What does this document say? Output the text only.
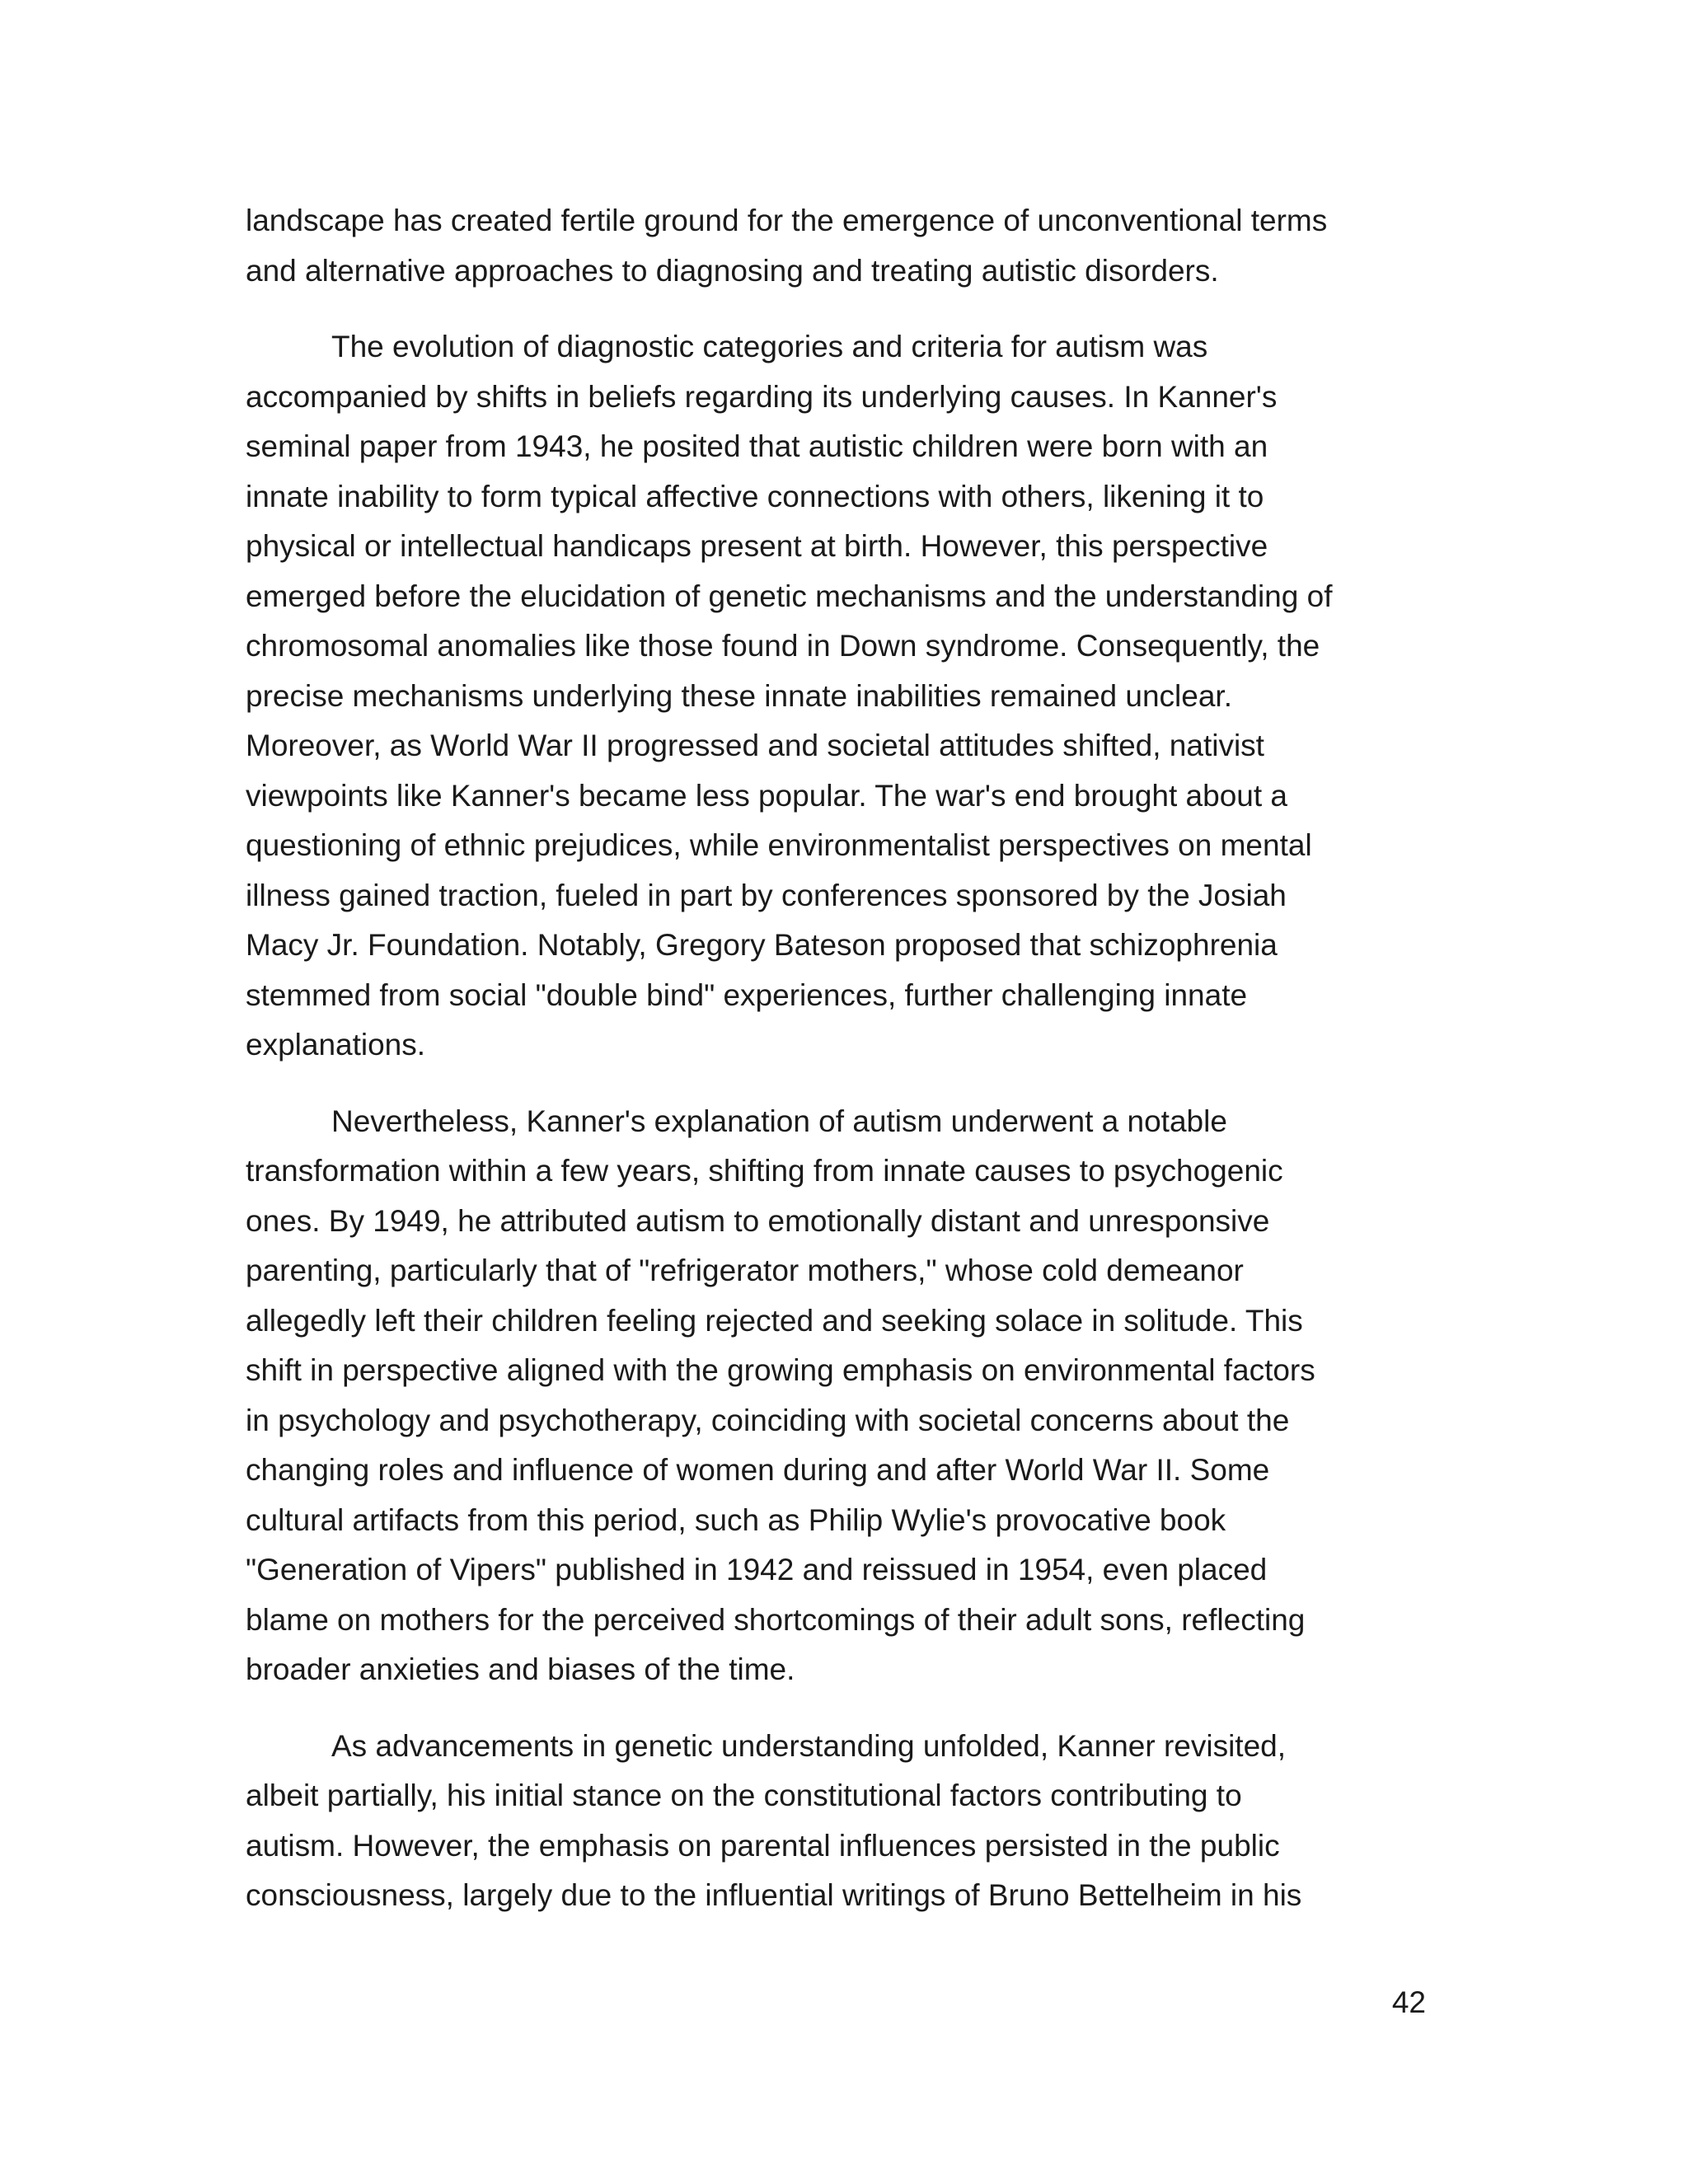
landscape has created fertile ground for the emergence of unconventional terms

and alternative approaches to diagnosing and treating autistic disorders.

The evolution of diagnostic categories and criteria for autism was

accompanied by shifts in beliefs regarding its underlying causes. In Kanner's

seminal paper from 1943, he posited that autistic children were born with an

innate inability to form typical affective connections with others, likening it to

physical or intellectual handicaps present at birth. However, this perspective

emerged before the elucidation of genetic mechanisms and the understanding of

chromosomal anomalies like those found in Down syndrome. Consequently, the

precise mechanisms underlying these innate inabilities remained unclear.

Moreover, as World War II progressed and societal attitudes shifted, nativist

viewpoints like Kanner's became less popular. The war's end brought about a

questioning of ethnic prejudices, while environmentalist perspectives on mental

illness gained traction, fueled in part by conferences sponsored by the Josiah

Macy Jr. Foundation. Notably, Gregory Bateson proposed that schizophrenia

stemmed from social "double bind" experiences, further challenging innate

explanations.

Nevertheless, Kanner's explanation of autism underwent a notable

transformation within a few years, shifting from innate causes to psychogenic

ones. By 1949, he attributed autism to emotionally distant and unresponsive

parenting, particularly that of "refrigerator mothers," whose cold demeanor

allegedly left their children feeling rejected and seeking solace in solitude. This

shift in perspective aligned with the growing emphasis on environmental factors

in psychology and psychotherapy, coinciding with societal concerns about the

changing roles and influence of women during and after World War II. Some

cultural artifacts from this period, such as Philip Wylie's provocative book

"Generation of Vipers" published in 1942 and reissued in 1954, even placed

blame on mothers for the perceived shortcomings of their adult sons, reflecting

broader anxieties and biases of the time.

As advancements in genetic understanding unfolded, Kanner revisited,

albeit partially, his initial stance on the constitutional factors contributing to

autism. However, the emphasis on parental influences persisted in the public

consciousness, largely due to the influential writings of Bruno Bettelheim in his

42
